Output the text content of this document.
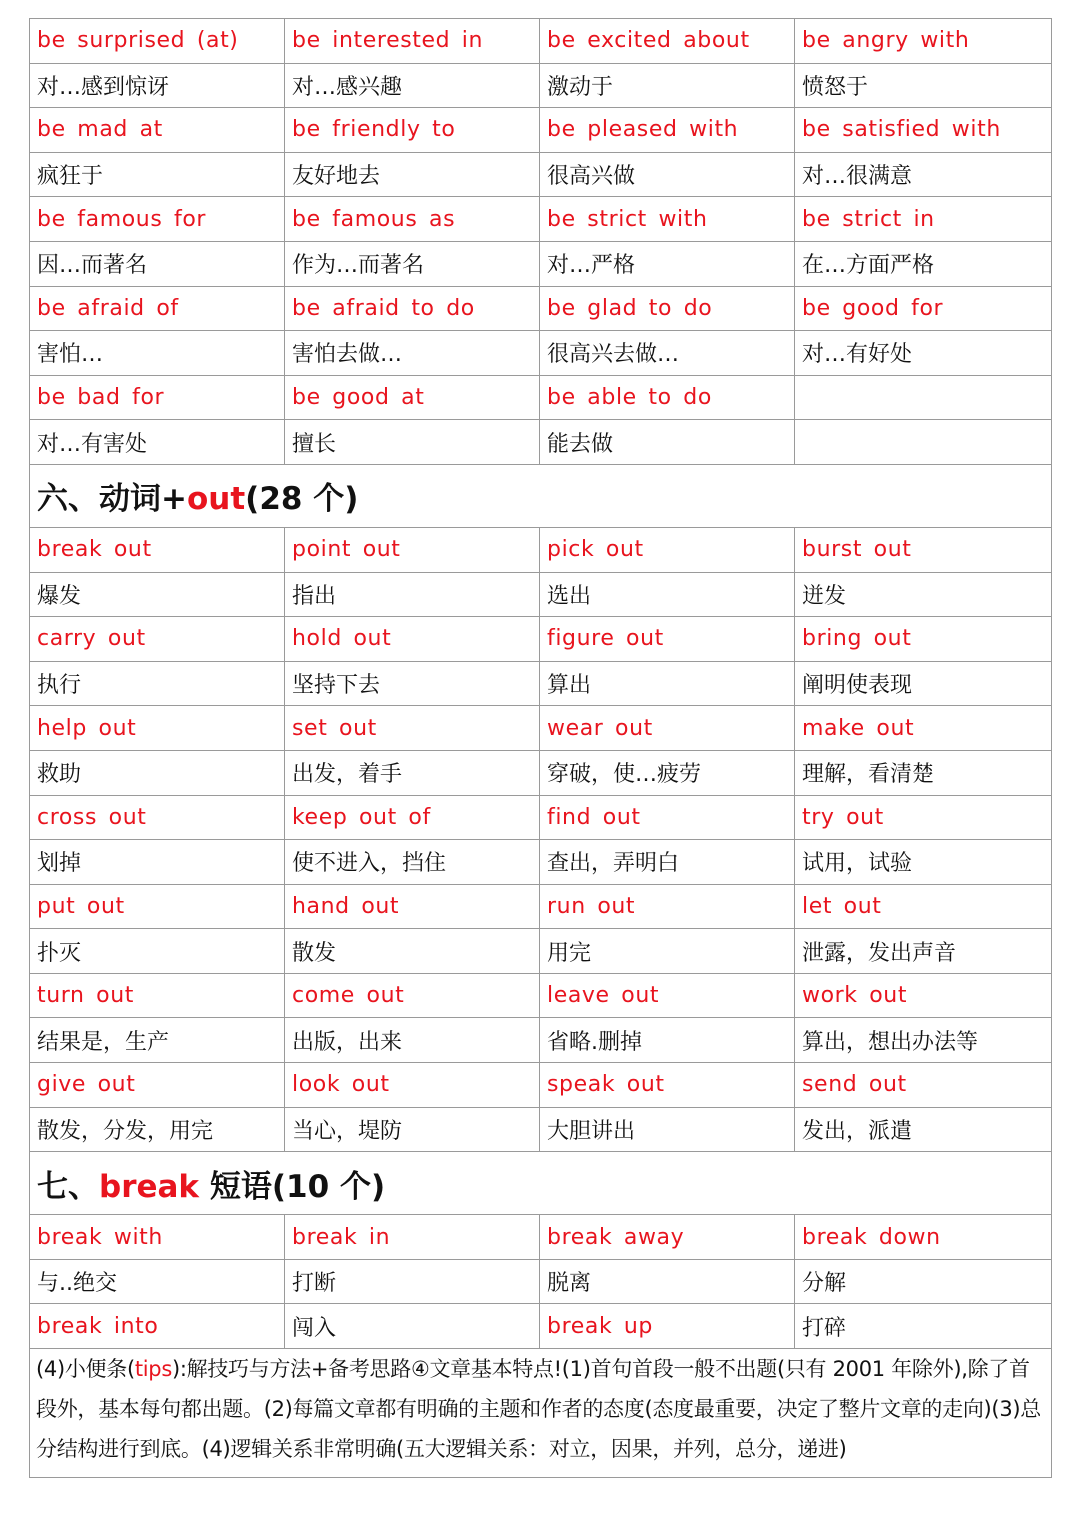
be surprised (at)	be interested in	be excited about	be angry with
对…感到惊讶	对…感兴趣	激动于	愤怒于
be mad at	be friendly to	be pleased with	be satisfied with
疯狂于	友好地去	很高兴做	对…很满意
be famous for	be famous as	be strict with	be strict in
因…而著名	作为…而著名	对…严格	在…方面严格
be afraid of	be afraid to do	be glad to do	be good for
害怕…	害怕去做…	很高兴去做…	对…有好处
be bad for	be good at	be able to do	
对…有害处	擅长	能去做	
六、动词+out(28 个)			
break out	point out	pick out	burst out
爆发	指出	选出	迸发
carry out	hold out	figure out	bring out
执行	坚持下去	算出	阐明使表现
help out	set out	wear out	make out
救助	出发，着手	穿破，使…疲劳	理解，看清楚
cross out	keep out of	find out	try out
划掉	使不进入，挡住	查出，弄明白	试用，试验
put out	hand out	run out	let out
扑灭	散发	用完	泄露，发出声音
turn out	come out	leave out	work out
结果是，生产	出版，出来	省略.删掉	算出，想出办法等
give out	look out	speak out	send out
散发，分发，用完	当心，堤防	大胆讲出	发出，派遣
七、break 短语(10 个)			
break with	break in	break away	break down
与..绝交	打断	脱离	分解
break into	闯入	break up	打碎
(4)小便条(tips):解技巧与方法+备考思路④文章基本特点!(1)首句首段一般不出题(只有 2001 年除外),除了首段外，基本每句都出题。(2)每篇文章都有明确的主题和作者的态度(态度最重要，决定了整片文章的走向)(3)总分结构进行到底。(4)逻辑关系非常明确(五大逻辑关系：对立，因果，并列，总分，递进)			
